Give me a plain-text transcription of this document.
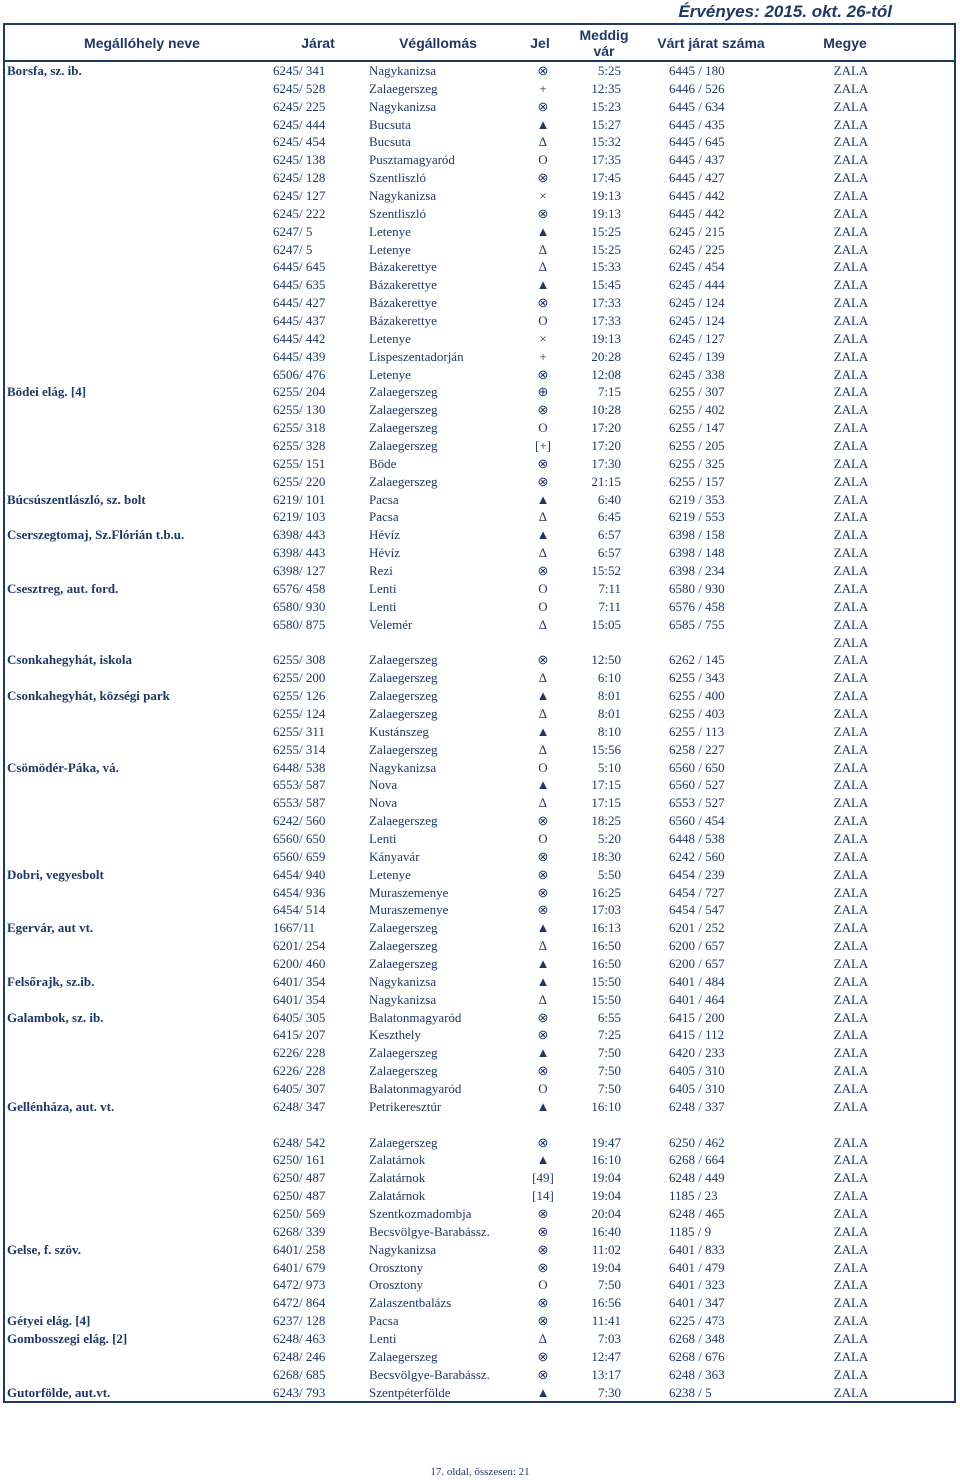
Érvényes: 2015. okt. 26-tól
Megállóhely neve	Járat	Végállomás	Jel	Meddig vár	Várt járat száma	Megye
Borsfa, sz. ib.	6245/ 341	Nagykanizsa	⊗	5:25	6445 / 180	ZALA
6245/ 528	Zalaegerszeg	+	12:35	6446 / 526	ZALA
6245/ 225	Nagykanizsa	⊗	15:23	6445 / 634	ZALA
6245/ 444	Bucsuta	▲	15:27	6445 / 435	ZALA
6245/ 454	Bucsuta	∆	15:32	6445 / 645	ZALA
6245/ 138	Pusztamagyaród	O	17:35	6445 / 437	ZALA
6245/ 128	Szentliszló	⊗	17:45	6445 / 427	ZALA
6245/ 127	Nagykanizsa	×	19:13	6445 / 442	ZALA
6245/ 222	Szentliszló	⊗	19:13	6445 / 442	ZALA
6247/ 5	Letenye	▲	15:25	6245 / 215	ZALA
6247/ 5	Letenye	∆	15:25	6245 / 225	ZALA
6445/ 645	Bázakerettye	∆	15:33	6245 / 454	ZALA
6445/ 635	Bázakerettye	▲	15:45	6245 / 444	ZALA
6445/ 427	Bázakerettye	⊗	17:33	6245 / 124	ZALA
6445/ 437	Bázakerettye	O	17:33	6245 / 124	ZALA
6445/ 442	Letenye	×	19:13	6245 / 127	ZALA
6445/ 439	Lispeszentadorján	+	20:28	6245 / 139	ZALA
6506/ 476	Letenye	⊗	12:08	6245 / 338	ZALA
Bödei elág. [4]	6255/ 204	Zalaegerszeg	⊕	7:15	6255 / 307	ZALA
6255/ 130	Zalaegerszeg	⊗	10:28	6255 / 402	ZALA
6255/ 318	Zalaegerszeg	O	17:20	6255 / 147	ZALA
6255/ 328	Zalaegerszeg	[+]	17:20	6255 / 205	ZALA
6255/ 151	Böde	⊗	17:30	6255 / 325	ZALA
6255/ 220	Zalaegerszeg	⊗	21:15	6255 / 157	ZALA
Búcsúszentlászló, sz. bolt	6219/ 101	Pacsa	▲	6:40	6219 / 353	ZALA
6219/ 103	Pacsa	∆	6:45	6219 / 553	ZALA
Cserszegtomaj, Sz.Flórián t.b.u.	6398/ 443	Hévíz	▲	6:57	6398 / 158	ZALA
6398/ 443	Hévíz	∆	6:57	6398 / 148	ZALA
6398/ 127	Rezi	⊗	15:52	6398 / 234	ZALA
Csesztreg, aut. ford.	6576/ 458	Lenti	O	7:11	6580 / 930	ZALA
6580/ 930	Lenti	O	7:11	6576 / 458	ZALA
6580/ 875	Velemér	∆	15:05	6585 / 755	ZALA
ZALA
Csonkahegyhát, iskola	6255/ 308	Zalaegerszeg	⊗	12:50	6262 / 145	ZALA
6255/ 200	Zalaegerszeg	∆	6:10	6255 / 343	ZALA
Csonkahegyhát, községi park	6255/ 126	Zalaegerszeg	▲	8:01	6255 / 400	ZALA
6255/ 124	Zalaegerszeg	∆	8:01	6255 / 403	ZALA
6255/ 311	Kustánszeg	▲	8:10	6255 / 113	ZALA
6255/ 314	Zalaegerszeg	∆	15:56	6258 / 227	ZALA
Csömödér-Páka, vá.	6448/ 538	Nagykanizsa	O	5:10	6560 / 650	ZALA
6553/ 587	Nova	▲	17:15	6560 / 527	ZALA
6553/ 587	Nova	∆	17:15	6553 / 527	ZALA
6242/ 560	Zalaegerszeg	⊗	18:25	6560 / 454	ZALA
6560/ 650	Lenti	O	5:20	6448 / 538	ZALA
6560/ 659	Kányavár	⊗	18:30	6242 / 560	ZALA
Dobri, vegyesbolt	6454/ 940	Letenye	⊗	5:50	6454 / 239	ZALA
6454/ 936	Muraszemenye	⊗	16:25	6454 / 727	ZALA
6454/ 514	Muraszemenye	⊗	17:03	6454 / 547	ZALA
Egervár, aut vt.	1667/11	Zalaegerszeg	▲	16:13	6201 / 252	ZALA
6201/ 254	Zalaegerszeg	∆	16:50	6200 / 657	ZALA
6200/ 460	Zalaegerszeg	▲	16:50	6200 / 657	ZALA
Felsőrajk, sz.ib.	6401/ 354	Nagykanizsa	▲	15:50	6401 / 484	ZALA
6401/ 354	Nagykanizsa	∆	15:50	6401 / 464	ZALA
Galambok, sz. ib.	6405/ 305	Balatonmagyaród	⊗	6:55	6415 / 200	ZALA
6415/ 207	Keszthely	⊗	7:25	6415 / 112	ZALA
6226/ 228	Zalaegerszeg	▲	7:50	6420 / 233	ZALA
6226/ 228	Zalaegerszeg	⊗	7:50	6405 / 310	ZALA
6405/ 307	Balatonmagyaród	O	7:50	6405 / 310	ZALA
Gellénháza, aut. vt.	6248/ 347	Petrikeresztúr	▲	16:10	6248 / 337	ZALA
6248/ 542	Zalaegerszeg	⊗	19:47	6250 / 462	ZALA
6250/ 161	Zalatárnok	▲	16:10	6268 / 664	ZALA
6250/ 487	Zalatárnok	[49]	19:04	6248 / 449	ZALA
6250/ 487	Zalatárnok	[14]	19:04	1185 / 23	ZALA
6250/ 569	Szentkozmadombja	⊗	20:04	6248 / 465	ZALA
6268/ 339	Becsvölgye-Barabássz.	⊗	16:40	1185 / 9	ZALA
Gelse, f. szöv.	6401/ 258	Nagykanizsa	⊗	11:02	6401 / 833	ZALA
6401/ 679	Orosztony	⊗	19:04	6401 / 479	ZALA
6472/ 973	Orosztony	O	7:50	6401 / 323	ZALA
6472/ 864	Zalaszentbalázs	⊗	16:56	6401 / 347	ZALA
Gétyei elág. [4]	6237/ 128	Pacsa	⊗	11:41	6225 / 473	ZALA
Gombosszegi elág. [2]	6248/ 463	Lenti	∆	7:03	6268 / 348	ZALA
6248/ 246	Zalaegerszeg	⊗	12:47	6268 / 676	ZALA
6268/ 685	Becsvölgye-Barabássz.	⊗	13:17	6248 / 363	ZALA
Gutorfölde, aut.vt.	6243/ 793	Szentpéterfölde	▲	7:30	6238 / 5	ZALA
17. oldal, összesen: 21
